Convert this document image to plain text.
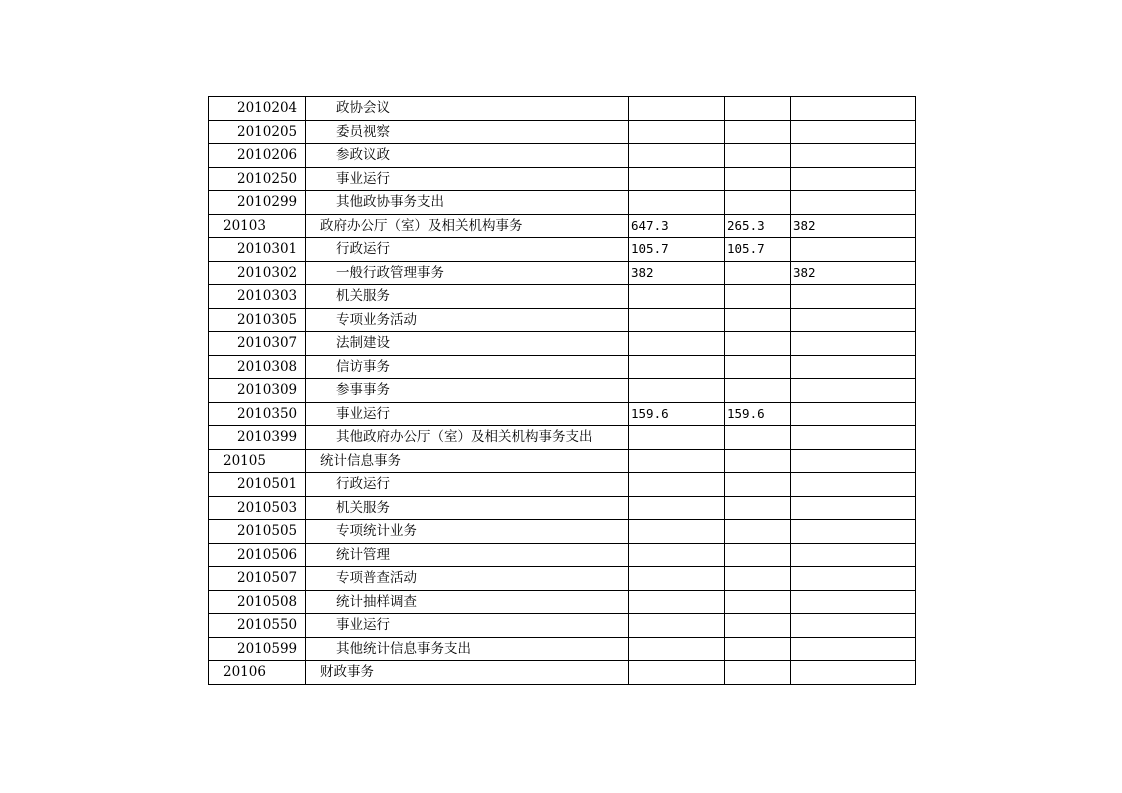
2010204	政协会议			
2010205	委员视察			
2010206	参政议政			
2010250	事业运行			
2010299	其他政协事务支出			
20103	政府办公厅（室）及相关机构事务	647.3	265.3	382
2010301	行政运行	105.7	105.7	
2010302	一般行政管理事务	382		382
2010303	机关服务			
2010305	专项业务活动			
2010307	法制建设			
2010308	信访事务			
2010309	参事事务			
2010350	事业运行	159.6	159.6	
2010399	其他政府办公厅（室）及相关机构事务支出			
20105	统计信息事务			
2010501	行政运行			
2010503	机关服务			
2010505	专项统计业务			
2010506	统计管理			
2010507	专项普查活动			
2010508	统计抽样调查			
2010550	事业运行			
2010599	其他统计信息事务支出			
20106	财政事务			
